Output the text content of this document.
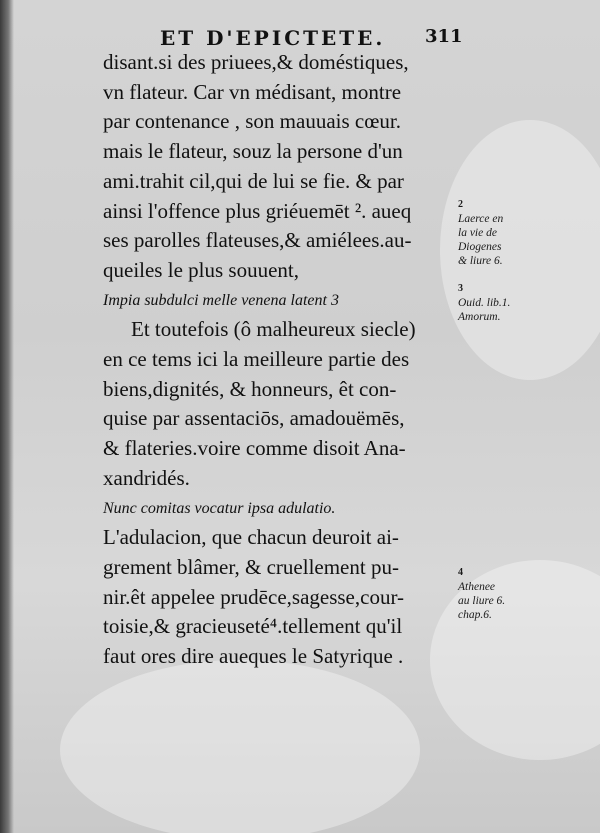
ET D'EPICTETE. 311
disant.si des priuees,& doméstiques,
vn flateur. Car vn médisant, montre
par contenance , son mauuais cœur.
mais le flateur, souz la persone d'un
ami.trahit cil,qui de lui se fie. & par
ainsi l'offence plus griéuemēt ². aueq
ses parolles flateuses,& amiélees.au-
queiles le plus souuent,
Impia subdulci melle venena latent 3
Et toutefois (ô malheureux siecle)
en ce tems ici la meilleure partie des
biens,dignités, & honneurs, êt con-
quise par assentaciōs, amadouëmēs,
& flateries.voire comme disoit Ana-
xandridés.
Nunc comitas vocatur ipsa adulatio.
L'adulacion, que chacun deuroit ai-
grement blâmer, & cruellement pu-
nir.êt appelee prudēce,sagesse,cour-
toisie,& gracieuseté⁴.tellement qu'il
faut ores dire aueques le Satyrique .
2
Laerce en
la vie de
Diogenes
& liure 6.
3
Ouid. lib.1.
Amorum.
4
Athenee
au liure 6.
chap.6.
